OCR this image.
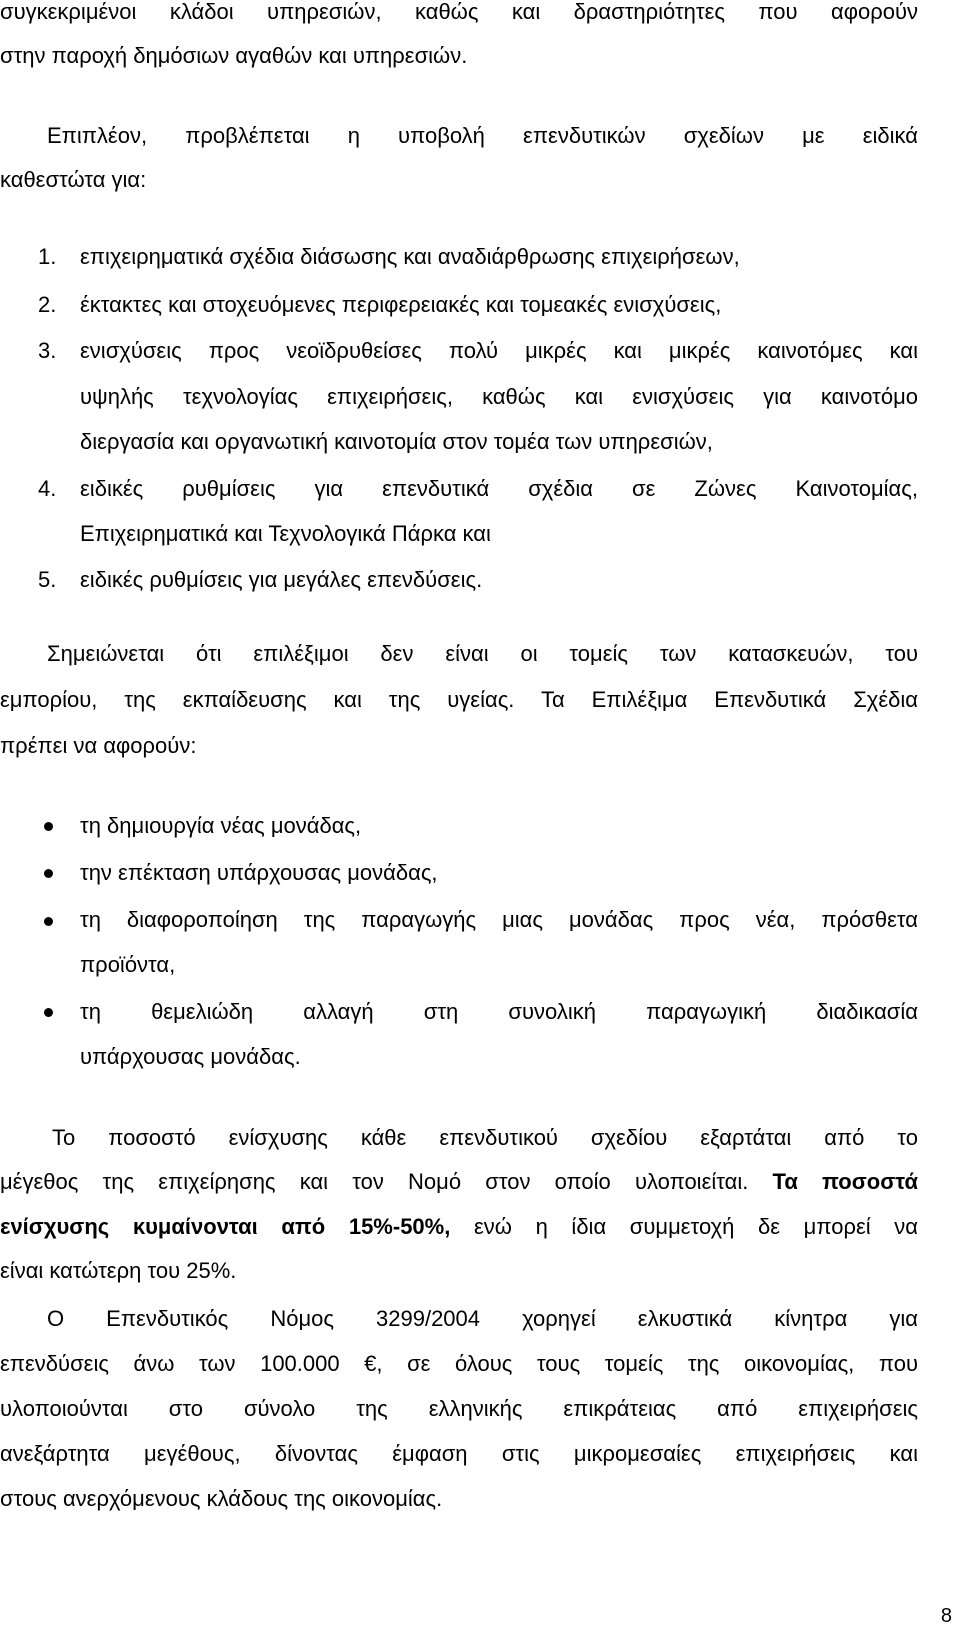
συγκεκριμένοι κλάδοι υπηρεσιών, καθώς και δραστηριότητες που αφορούν
στην παροχή δημόσιων αγαθών και υπηρεσιών.
Επιπλέον, προβλέπεται η υποβολή επενδυτικών σχεδίων με ειδικά
καθεστώτα για:
1. επιχειρηματικά σχέδια διάσωσης και αναδιάρθρωσης επιχειρήσεων,
2. έκτακτες και στοχευόμενες περιφερειακές και τομεακές ενισχύσεις,
3. ενισχύσεις προς νεοϊδρυθείσες πολύ μικρές και μικρές καινοτόμες και
υψηλής τεχνολογίας επιχειρήσεις, καθώς και ενισχύσεις για καινοτόμο
διεργασία και οργανωτική καινοτομία στον τομέα των υπηρεσιών,
4. ειδικές ρυθμίσεις για επενδυτικά σχέδια σε Ζώνες Καινοτομίας,
Επιχειρηματικά και Τεχνολογικά Πάρκα και
5. ειδικές ρυθμίσεις για μεγάλες επενδύσεις.
Σημειώνεται ότι επιλέξιμοι δεν είναι οι τομείς των κατασκευών, του
εμπορίου, της εκπαίδευσης και της υγείας. Τα Επιλέξιμα Επενδυτικά Σχέδια
πρέπει να αφορούν:
τη δημιουργία νέας μονάδας,
την επέκταση υπάρχουσας μονάδας,
τη διαφοροποίηση της παραγωγής μιας μονάδας προς νέα, πρόσθετα
προϊόντα,
τη θεμελιώδη αλλαγή στη συνολική παραγωγική διαδικασία
υπάρχουσας μονάδας.
Το ποσοστό ενίσχυσης κάθε επενδυτικού σχεδίου εξαρτάται από το
μέγεθος της επιχείρησης και τον Νομό στον οποίο υλοποιείται. Τα ποσοστά
ενίσχυσης κυμαίνονται από 15%-50%, ενώ η ίδια συμμετοχή δε μπορεί να
είναι κατώτερη του 25%.
Ο Επενδυτικός Νόμος 3299/2004 χορηγεί ελκυστικά κίνητρα για
επενδύσεις άνω των 100.000 €, σε όλους τους τομείς της οικονομίας, που
υλοποιούνται στο σύνολο της ελληνικής επικράτειας από επιχειρήσεις
ανεξάρτητα μεγέθους, δίνοντας έμφαση στις μικρομεσαίες επιχειρήσεις και
στους ανερχόμενους κλάδους της οικονομίας.
8
